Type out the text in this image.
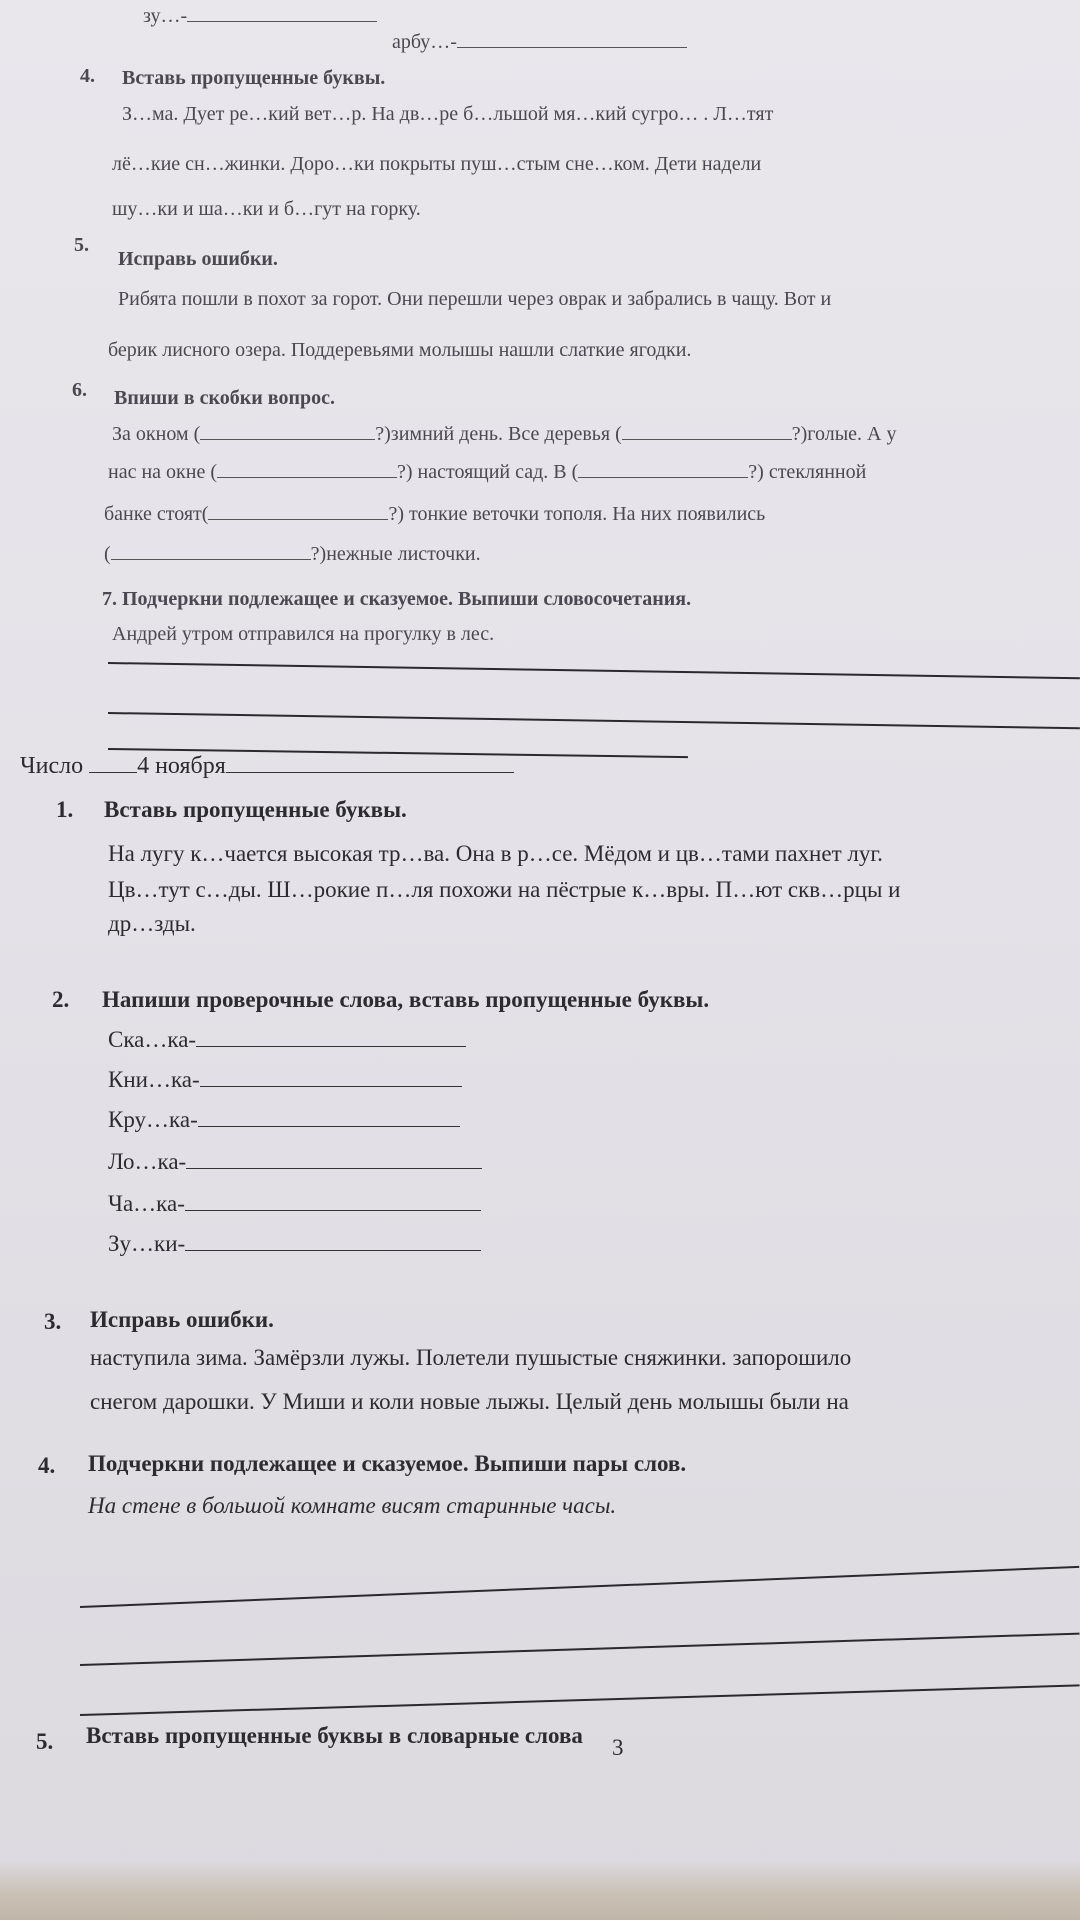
зу…-
арбу…-
4. Вставь пропущенные буквы.
З…ма. Дует ре…кий вет…р. На дв…ре б…льшой мя…кий сугро… . Л…тят
лё…кие сн…жинки. Доро…ки покрыты пуш…стым сне…ком. Дети надели
шу…ки и ша…ки и б…гут на горку.
5.
Исправь ошибки.
Рибята пошли в похот за горот. Они перешли через оврак и забрались в чащу. Вот и
берик лисного озера. Поддеревьями молышы нашли слаткие ягодки.
6. Впиши в скобки вопрос.
За окном (	?)зимний день. Все деревья (	?)голые. А у
нас на окне (	?) настоящий сад. В (	?) стеклянной
банке стоят(	?) тонкие веточки тополя. На них появились
(	?)нежные листочки.
7. Подчеркни подлежащее и сказуемое. Выпиши словосочетания.
Андрей утром отправился на прогулку в лес.
Число 4 ноября
1. Вставь пропущенные буквы.
На лугу к…чается высокая тр…ва. Она в р…се. Мёдом и цв…тами пахнет луг.
Цв…тут с…ды. Ш…рокие п…ля похожи на пёстрые к…вры. П…ют скв…рцы и
др…зды.
2. Напиши проверочные слова, вставь пропущенные буквы.
Ска…ка-
Кни…ка-
Кру…ка-
Ло…ка-
Ча…ка-
Зу…ки-
3. Исправь ошибки.
наступила зима. Замёрзли лужы. Полетели пушыстые сняжинки. запорошило
снегом дарошки. У Миши и коли новые лыжы. Целый день молышы были на
4. Подчеркни подлежащее и сказуемое. Выпиши пары слов.
На стене в большой комнате висят старинные часы.
5. Вставь пропущенные буквы в словарные слова 3
